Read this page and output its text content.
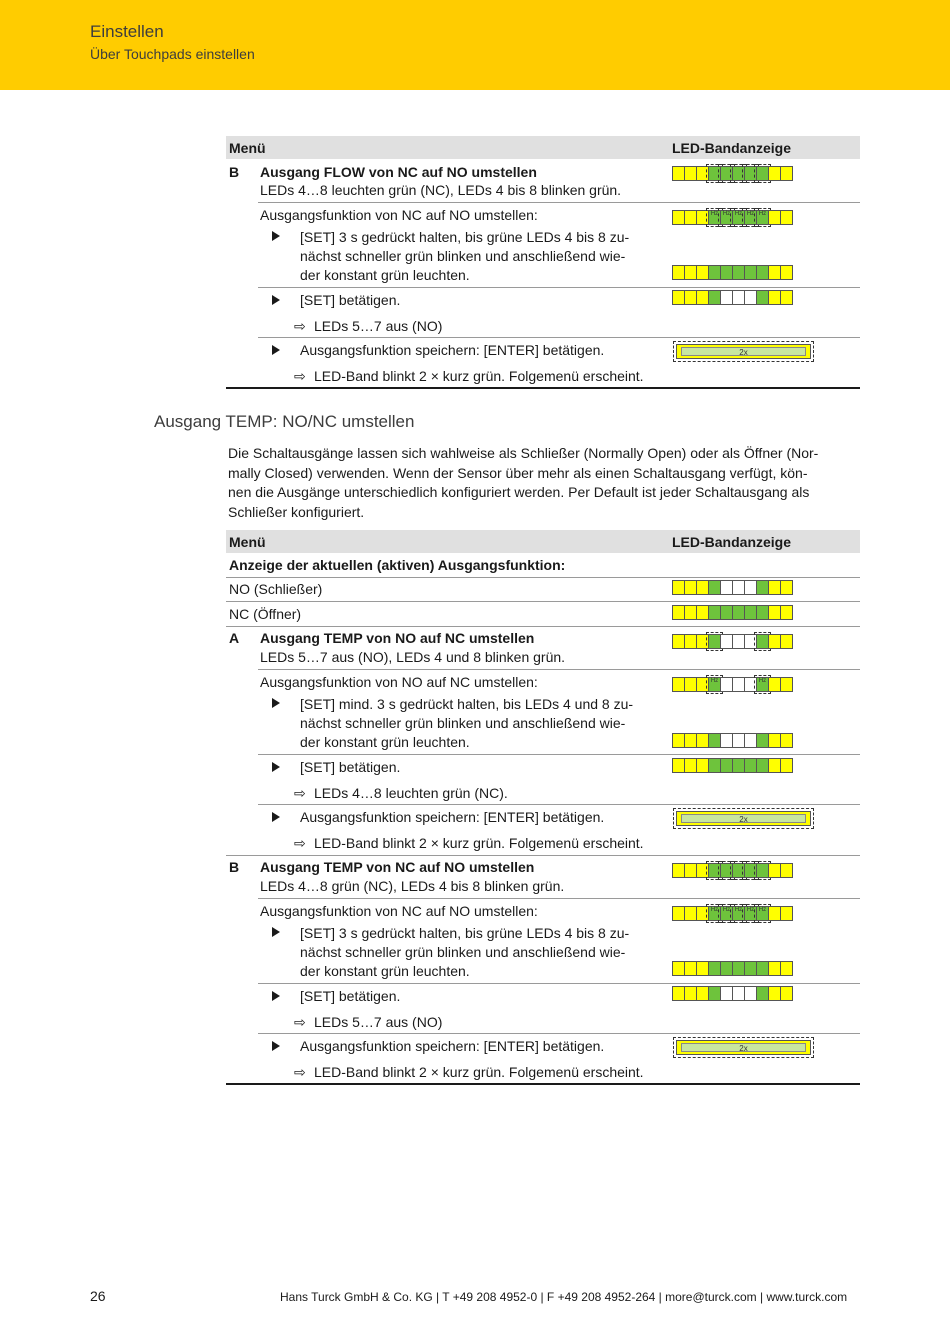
Einstellen
Über Touchpads einstellen
Menü	LED-Bandanzeige
B Ausgang FLOW von NC auf NO umstellen
LEDs 4…8 leuchten grün (NC), LEDs 4 bis 8 blinken grün.
Ausgangsfunktion von NC auf NO umstellen:	Hz Hz Hz Hz Hz
[SET] 3 s gedrückt halten, bis grüne LEDs 4 bis 8 zu-
nächst schneller grün blinken und anschließend wie-
der konstant grün leuchten.
[SET] betätigen.
⇨ LEDs 5…7 aus (NO)
Ausgangsfunktion speichern: [ENTER] betätigen.	2x
⇨ LED-Band blinkt 2 × kurz grün. Folgemenü erscheint.
Ausgang TEMP: NO/NC umstellen
Die Schaltausgänge lassen sich wahlweise als Schließer (Normally Open) oder als Öffner (Nor-
mally Closed) verwenden. Wenn der Sensor über mehr als einen Schaltausgang verfügt, kön-
nen die Ausgänge unterschiedlich konfiguriert werden. Per Default ist jeder Schaltausgang als
Schließer konfiguriert.
Menü	LED-Bandanzeige
Anzeige der aktuellen (aktiven) Ausgangsfunktion:
NO (Schließer)
NC (Öffner)
A Ausgang TEMP von NO auf NC umstellen
LEDs 5…7 aus (NO), LEDs 4 und 8 blinken grün.
Ausgangsfunktion von NO auf NC umstellen:	Hz	Hz
[SET] mind. 3 s gedrückt halten, bis LEDs 4 und 8 zu-
nächst schneller grün blinken und anschließend wie-
der konstant grün leuchten.
[SET] betätigen.
⇨ LEDs 4…8 leuchten grün (NC).
Ausgangsfunktion speichern: [ENTER] betätigen.	2x
⇨ LED-Band blinkt 2 × kurz grün. Folgemenü erscheint.
B Ausgang TEMP von NC auf NO umstellen
LEDs 4…8 grün (NC), LEDs 4 bis 8 blinken grün.
Ausgangsfunktion von NC auf NO umstellen:	Hz Hz Hz Hz Hz
[SET] 3 s gedrückt halten, bis grüne LEDs 4 bis 8 zu-
nächst schneller grün blinken und anschließend wie-
der konstant grün leuchten.
[SET] betätigen.
⇨ LEDs 5…7 aus (NO)
Ausgangsfunktion speichern: [ENTER] betätigen.	2x
⇨ LED-Band blinkt 2 × kurz grün. Folgemenü erscheint.
26	Hans Turck GmbH & Co. KG | T +49 208 4952-0 | F +49 208 4952-264 | more@turck.com | www.turck.com
